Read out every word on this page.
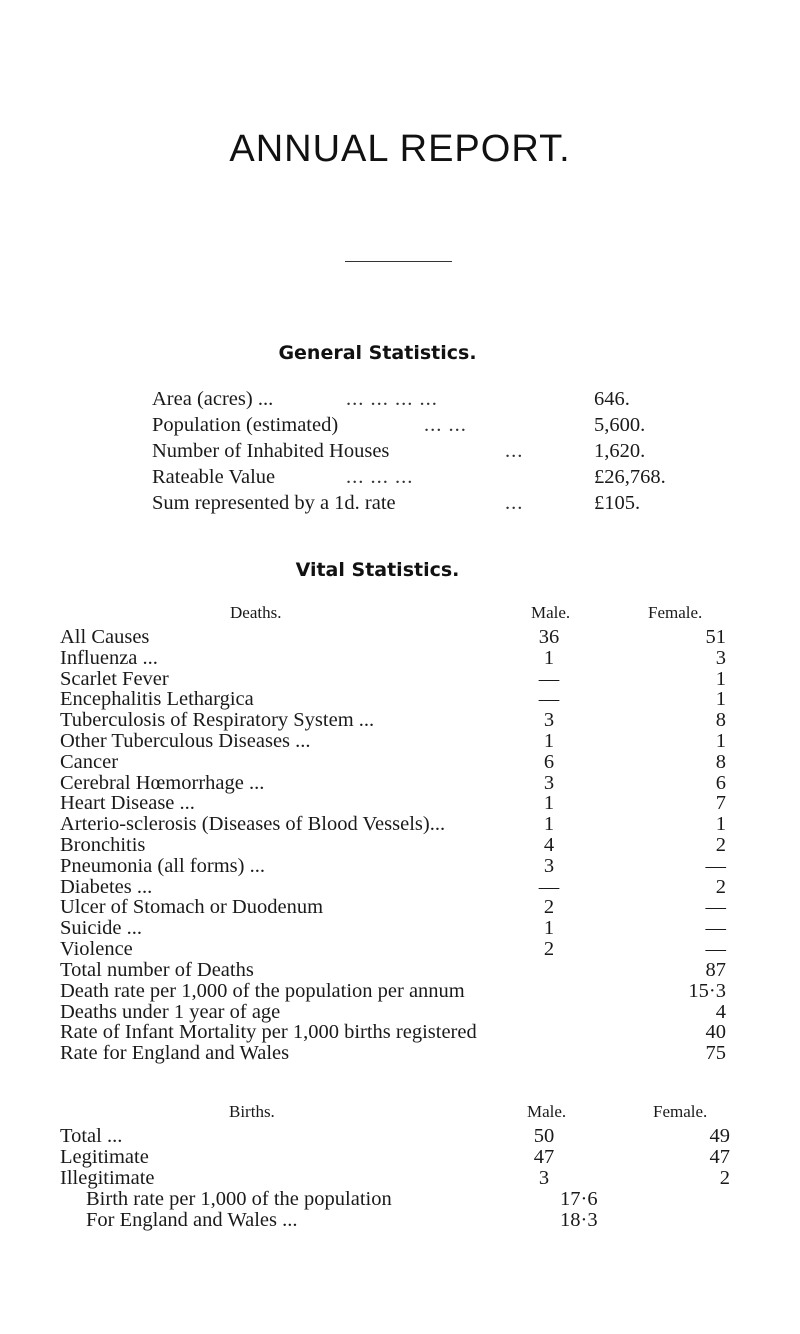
ANNUAL REPORT.
General Statistics.
Area (acres) ...	... ... ... ...	646.
Population (estimated)	... ...	5,600.
Number of Inhabited Houses	...	1,620.
Rateable Value	... ... ...	£26,768.
Sum represented by a 1d. rate	...	£105.
Vital Statistics.
Deaths.	Male.	Female.
All Causes	36	51
Influenza ...	1	3
Scarlet Fever	—	1
Encephalitis Lethargica	—	1
Tuberculosis of Respiratory System ...	3	8
Other Tuberculous Diseases ...	1	1
Cancer	6	8
Cerebral Hœmorrhage ...	3	6
Heart Disease ...	1	7
Arterio-sclerosis (Diseases of Blood Vessels)...	1	1
Bronchitis	4	2
Pneumonia (all forms) ...	3	—
Diabetes ...	—	2
Ulcer of Stomach or Duodenum	2	—
Suicide ...	1	—
Violence	2	—
Total number of Deaths	87
Death rate per 1,000 of the population per annum	15·3
Deaths under 1 year of age	4
Rate of Infant Mortality per 1,000 births registered	40
Rate for England and Wales	75
Births.	Male.	Female.
Total ...	50	49
Legitimate	47	47
Illegitimate	3	2
Birth rate per 1,000 of the population	17·6
For England and Wales ...	18·3
